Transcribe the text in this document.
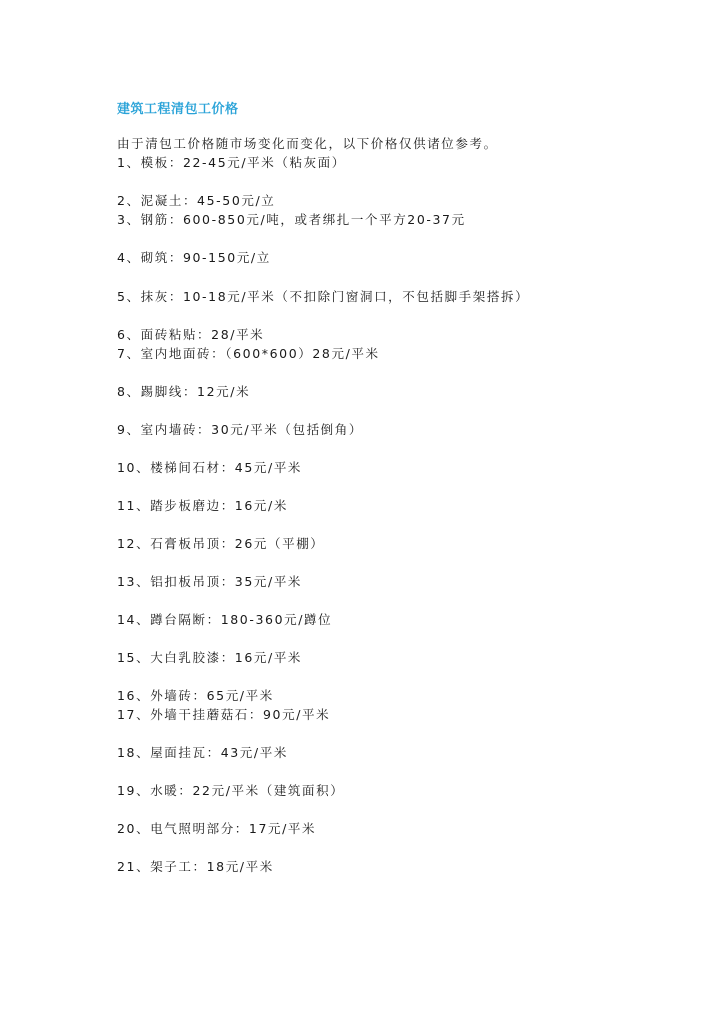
建筑工程清包工价格
由于清包工价格随市场变化而变化，以下价格仅供诸位参考。
1、模板：22-45元/平米（粘灰面）
2、泥凝土：45-50元/立
3、钢筋：600-850元/吨，或者绑扎一个平方20-37元
4、砌筑：90-150元/立
5、抹灰：10-18元/平米（不扣除门窗洞口，不包括脚手架搭拆）
6、面砖粘贴：28/平米
7、室内地面砖：（600*600）28元/平米
8、踢脚线：12元/米
9、室内墙砖：30元/平米（包括倒角）
10、楼梯间石材：45元/平米
11、踏步板磨边：16元/米
12、石膏板吊顶：26元（平棚）
13、铝扣板吊顶：35元/平米
14、蹲台隔断：180-360元/蹲位
15、大白乳胶漆：16元/平米
16、外墙砖：65元/平米
17、外墙干挂蘑菇石：90元/平米
18、屋面挂瓦：43元/平米
19、水暖：22元/平米（建筑面积）
20、电气照明部分：17元/平米
21、架子工：18元/平米
